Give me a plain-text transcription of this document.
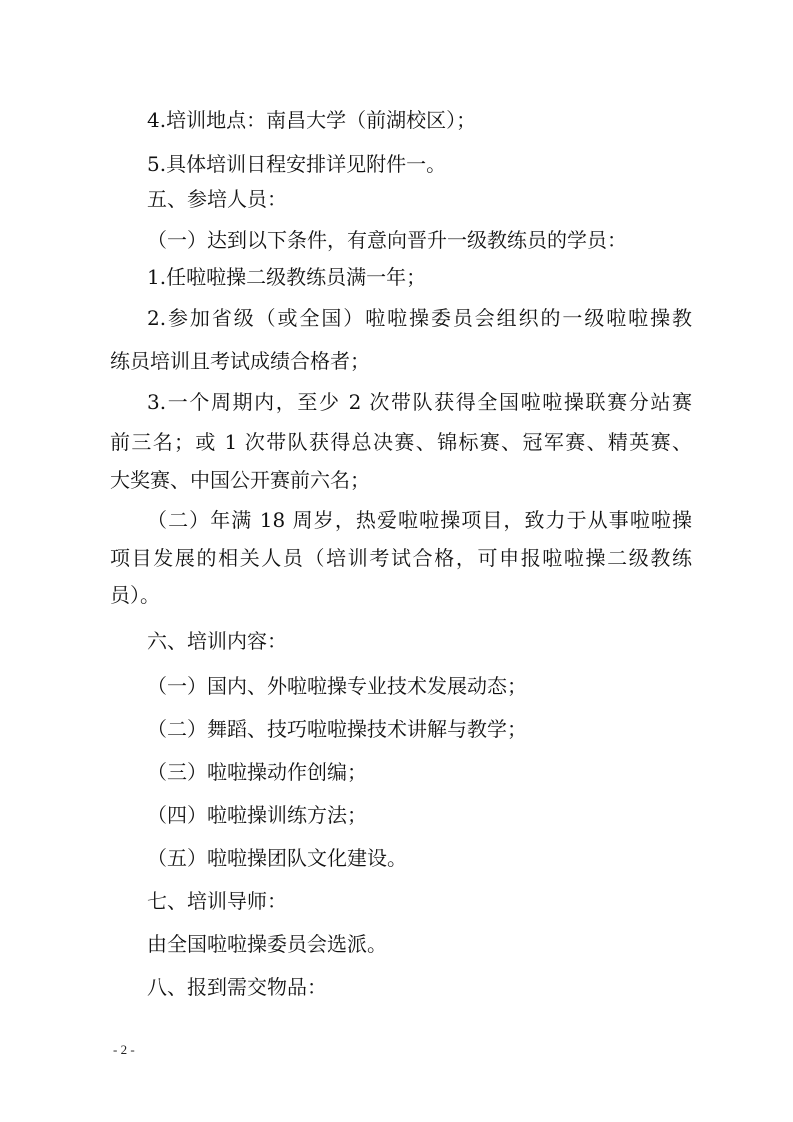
4.培训地点：南昌大学（前湖校区）；
5.具体培训日程安排详见附件一。
五、参培人员：
（一）达到以下条件，有意向晋升一级教练员的学员：
1.任啦啦操二级教练员满一年；
2.参加省级（或全国）啦啦操委员会组织的一级啦啦操教
练员培训且考试成绩合格者；
3.一个周期内，至少 2 次带队获得全国啦啦操联赛分站赛
前三名；或 1 次带队获得总决赛、锦标赛、冠军赛、精英赛、
大奖赛、中国公开赛前六名；
（二）年满 18 周岁，热爱啦啦操项目，致力于从事啦啦操
项目发展的相关人员（培训考试合格，可申报啦啦操二级教练
员）。
六、培训内容：
（一）国内、外啦啦操专业技术发展动态；
（二）舞蹈、技巧啦啦操技术讲解与教学；
（三）啦啦操动作创编；
（四）啦啦操训练方法；
（五）啦啦操团队文化建设。
七、培训导师：
由全国啦啦操委员会选派。
八、报到需交物品：
- 2 -
